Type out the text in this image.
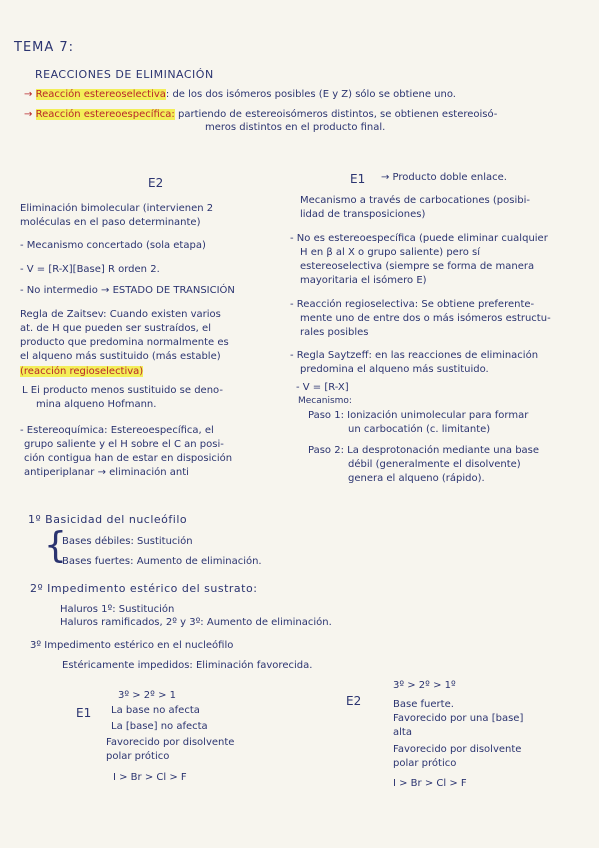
TEMA 7:
REACCIONES DE ELIMINACIÓN
→ Reacción estereoselectiva: de los dos isómeros posibles (E y Z) sólo se obtiene uno.
→ Reacción estereoespecífica: partiendo de estereoisómeros distintos, se obtienen estereoisó-
meros distintos en el producto final.
E2
Eliminación bimolecular (intervienen 2
moléculas en el paso determinante)
- Mecanismo concertado (sola etapa)
- V = [R-X][Base] R orden 2.
- No intermedio → ESTADO DE TRANSICIÓN
Regla de Zaitsev: Cuando existen varios
at. de H que pueden ser sustraídos, el
producto que predomina normalmente es
el alqueno más sustituido (más estable)
(reacción regioselectiva)
L Ei producto menos sustituido se deno-
mina alqueno Hofmann.
- Estereoquímica: Estereoespecífica, el
grupo saliente y el H sobre el C an posi-
ción contigua han de estar en disposición
antiperiplanar → eliminación anti
E1 → Producto doble enlace.
Mecanismo a través de carbocationes (posibi-
lidad de transposiciones)
- No es estereoespecífica (puede eliminar cualquier
H en β al X o grupo saliente) pero sí
estereoselectiva (siempre se forma de manera
mayoritaria el isómero E)
- Reacción regioselectiva: Se obtiene preferente-
mente uno de entre dos o más isómeros estructu-
rales posibles
- Regla Saytzeff: en las reacciones de eliminación
predomina el alqueno más sustituido.
- V = [R-X]
Mecanismo:
Paso 1: Ionización unimolecular para formar
un carbocatión (c. limitante)
Paso 2: La desprotonación mediante una base
débil (generalmente el disolvente)
genera el alqueno (rápido).
1º Basicidad del nucleófilo
{
Bases débiles: Sustitución
Bases fuertes: Aumento de eliminación.
2º Impedimento estérico del sustrato:
Haluros 1º: Sustitución
Haluros ramificados, 2º y 3º: Aumento de eliminación.
3º Impedimento estérico en el nucleófilo
Estéricamente impedidos: Eliminación favorecida.
3º > 2º > 1
E1 La base no afecta
La [base] no afecta
Favorecido por disolvente
polar prótico
I > Br > Cl > F
3º > 2º > 1º
E2	Base fuerte.
Favorecido por una [base]
alta
Favorecido por disolvente
polar prótico
I > Br > Cl > F
